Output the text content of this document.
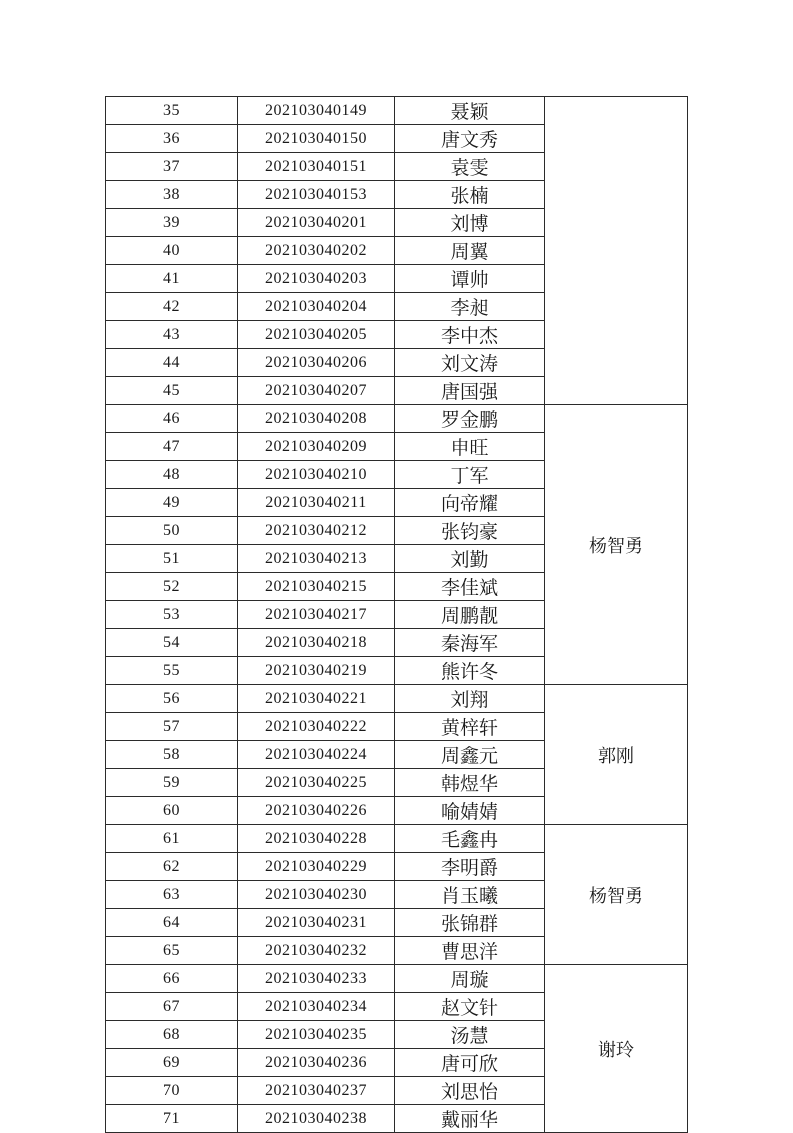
35	202103040149	聂颖	
36	202103040150	唐文秀	
37	202103040151	袁雯	
38	202103040153	张楠	
39	202103040201	刘博	
40	202103040202	周翼	
41	202103040203	谭帅	
42	202103040204	李昶	
43	202103040205	李中杰	
44	202103040206	刘文涛	
45	202103040207	唐国强	
46	202103040208	罗金鹏	杨智勇
47	202103040209	申旺	
48	202103040210	丁军	
49	202103040211	向帝耀	
50	202103040212	张钧豪	
51	202103040213	刘勤	
52	202103040215	李佳斌	
53	202103040217	周鹏靓	
54	202103040218	秦海军	
55	202103040219	熊许冬	
56	202103040221	刘翔	郭刚
57	202103040222	黄梓轩	
58	202103040224	周鑫元	
59	202103040225	韩煜华	
60	202103040226	喻婧婧	
61	202103040228	毛鑫冉	杨智勇
62	202103040229	李明爵	
63	202103040230	肖玉曦	
64	202103040231	张锦群	
65	202103040232	曹思洋	
66	202103040233	周璇	谢玲
67	202103040234	赵文针	
68	202103040235	汤慧	
69	202103040236	唐可欣	
70	202103040237	刘思怡	
71	202103040238	戴丽华	
